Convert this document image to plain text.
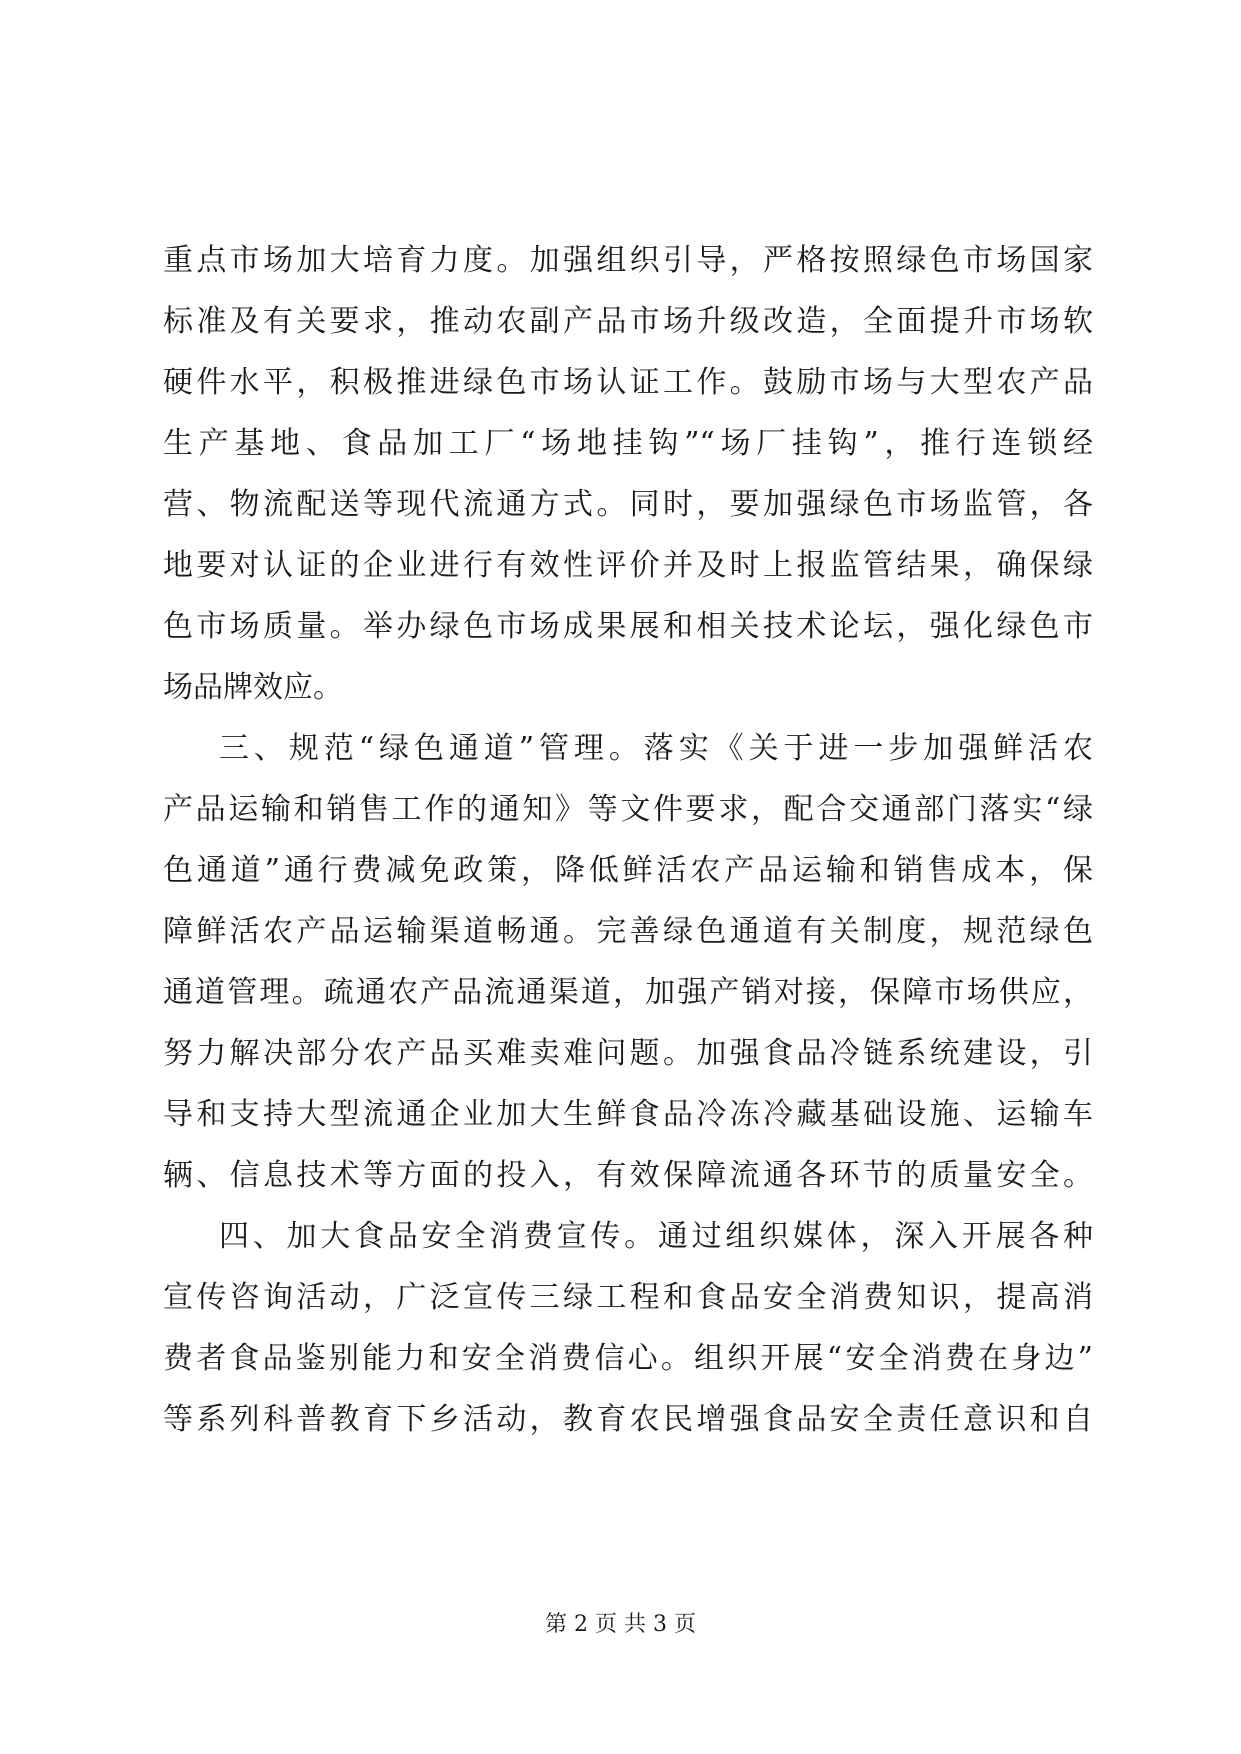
重点市场加大培育力度。加强组织引导，严格按照绿色市场国家
标准及有关要求，推动农副产品市场升级改造，全面提升市场软
硬件水平，积极推进绿色市场认证工作。鼓励市场与大型农产品
生产基地、食品加工厂“场地挂钩”“场厂挂钩”，推行连锁经
营、物流配送等现代流通方式。同时，要加强绿色市场监管，各
地要对认证的企业进行有效性评价并及时上报监管结果，确保绿
色市场质量。举办绿色市场成果展和相关技术论坛，强化绿色市
场品牌效应。
三、规范“绿色通道”管理。落实《关于进一步加强鲜活农
产品运输和销售工作的通知》等文件要求，配合交通部门落实“绿
色通道”通行费减免政策，降低鲜活农产品运输和销售成本，保
障鲜活农产品运输渠道畅通。完善绿色通道有关制度，规范绿色
通道管理。疏通农产品流通渠道，加强产销对接，保障市场供应，
努力解决部分农产品买难卖难问题。加强食品冷链系统建设，引
导和支持大型流通企业加大生鲜食品冷冻冷藏基础设施、运输车
辆、信息技术等方面的投入，有效保障流通各环节的质量安全。
四、加大食品安全消费宣传。通过组织媒体，深入开展各种
宣传咨询活动，广泛宣传三绿工程和食品安全消费知识，提高消
费者食品鉴别能力和安全消费信心。组织开展“安全消费在身边”
等系列科普教育下乡活动，教育农民增强食品安全责任意识和自
第 2 页 共 3 页
